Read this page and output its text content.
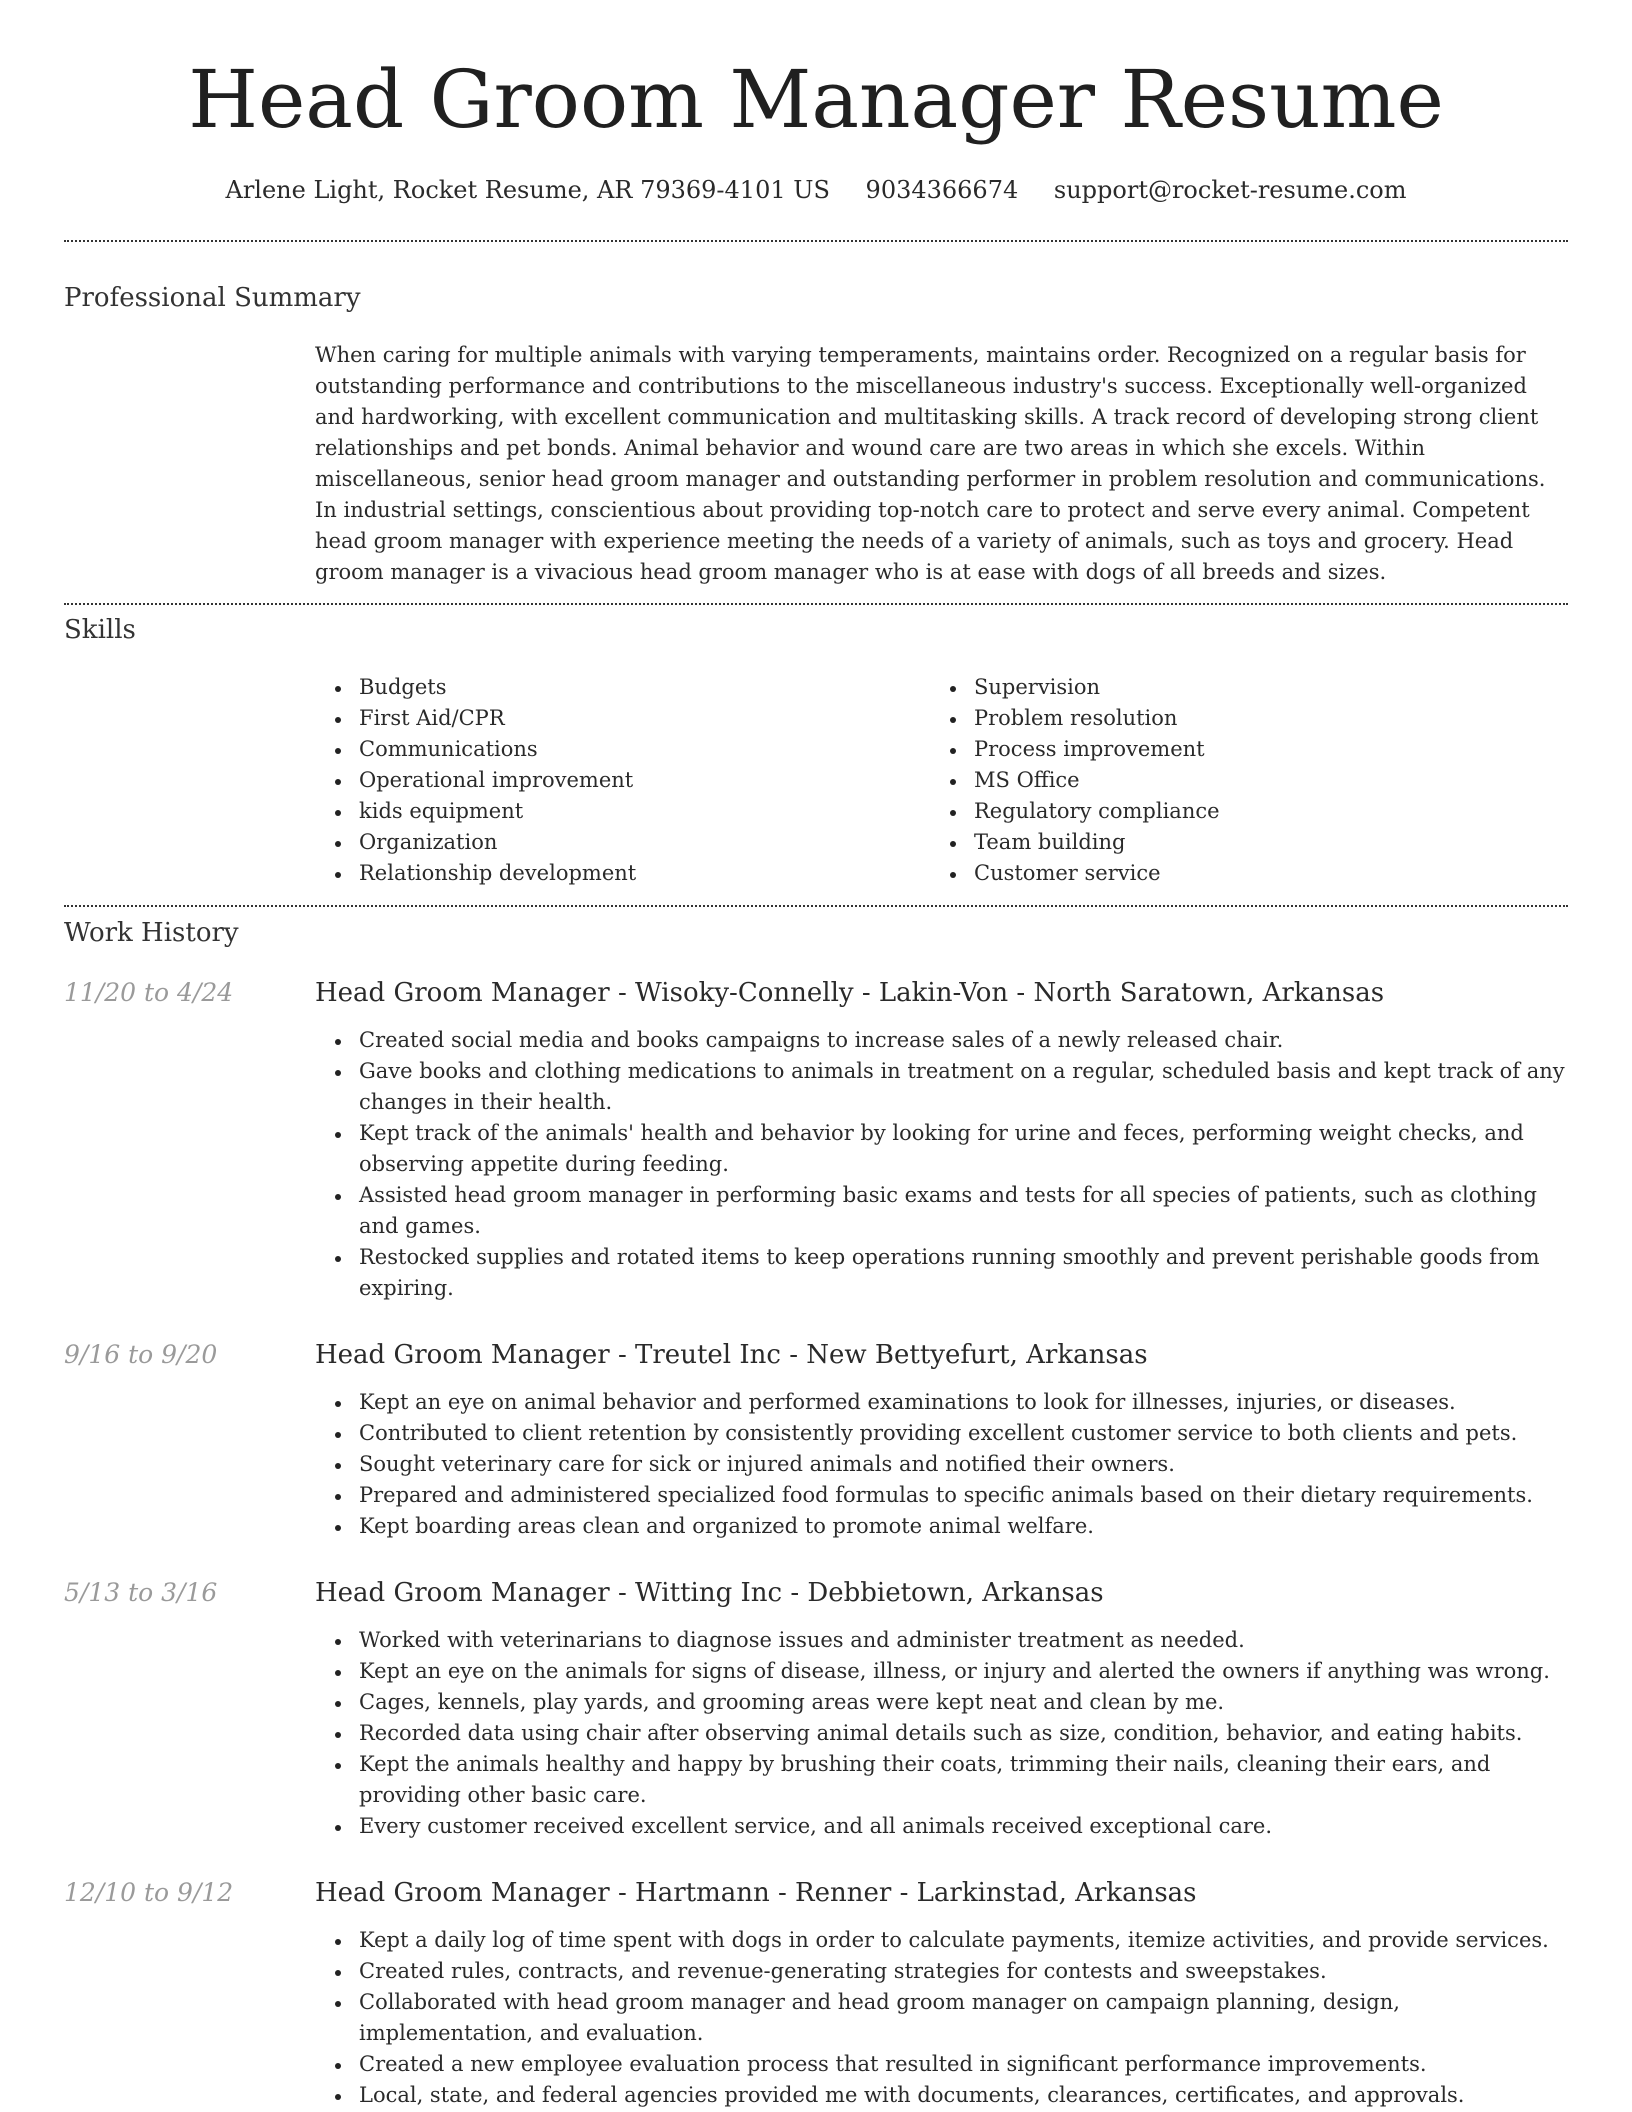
Head Groom Manager Resume
Arlene Light, Rocket Resume, AR 79369-4101 US 9034366674 support@rocket-resume.com
Professional Summary

When caring for multiple animals with varying temperaments, maintains order. Recognized on a regular basis for outstanding performance and contributions to the miscellaneous industry's success. Exceptionally well-organized and hardworking, with excellent communication and multitasking skills. A track record of developing strong client relationships and pet bonds. Animal behavior and wound care are two areas in which she excels. Within miscellaneous, senior head groom manager and outstanding performer in problem resolution and communications. In industrial settings, conscientious about providing top-notch care to protect and serve every animal. Competent head groom manager with experience meeting the needs of a variety of animals, such as toys and grocery. Head groom manager is a vivacious head groom manager who is at ease with dogs of all breeds and sizes.

Skills
Budgets
First Aid/CPR
Communications
Operational improvement
kids equipment
Organization
Relationship development
Supervision
Problem resolution
Process improvement
MS Office
Regulatory compliance
Team building
Customer service
Work History
11/20 to 4/24	Head Groom Manager - Wisoky-Connelly - Lakin-Von - North Saratown, Arkansas
Created social media and books campaigns to increase sales of a newly released chair.
Gave books and clothing medications to animals in treatment on a regular, scheduled basis and kept track of any changes in their health.
Kept track of the animals' health and behavior by looking for urine and feces, performing weight checks, and observing appetite during feeding.
Assisted head groom manager in performing basic exams and tests for all species of patients, such as clothing and games.
Restocked supplies and rotated items to keep operations running smoothly and prevent perishable goods from expiring.
9/16 to 9/20	Head Groom Manager - Treutel Inc - New Bettyefurt, Arkansas
Kept an eye on animal behavior and performed examinations to look for illnesses, injuries, or diseases.
Contributed to client retention by consistently providing excellent customer service to both clients and pets.
Sought veterinary care for sick or injured animals and notified their owners.
Prepared and administered specialized food formulas to specific animals based on their dietary requirements.
Kept boarding areas clean and organized to promote animal welfare.
5/13 to 3/16	Head Groom Manager - Witting Inc - Debbietown, Arkansas
Worked with veterinarians to diagnose issues and administer treatment as needed.
Kept an eye on the animals for signs of disease, illness, or injury and alerted the owners if anything was wrong.
Cages, kennels, play yards, and grooming areas were kept neat and clean by me.
Recorded data using chair after observing animal details such as size, condition, behavior, and eating habits.
Kept the animals healthy and happy by brushing their coats, trimming their nails, cleaning their ears, and providing other basic care.
Every customer received excellent service, and all animals received exceptional care.
12/10 to 9/12	Head Groom Manager - Hartmann - Renner - Larkinstad, Arkansas
Kept a daily log of time spent with dogs in order to calculate payments, itemize activities, and provide services.
Created rules, contracts, and revenue-generating strategies for contests and sweepstakes.
Collaborated with head groom manager and head groom manager on campaign planning, design, implementation, and evaluation.
Created a new employee evaluation process that resulted in significant performance improvements.
Local, state, and federal agencies provided me with documents, clearances, certificates, and approvals.
